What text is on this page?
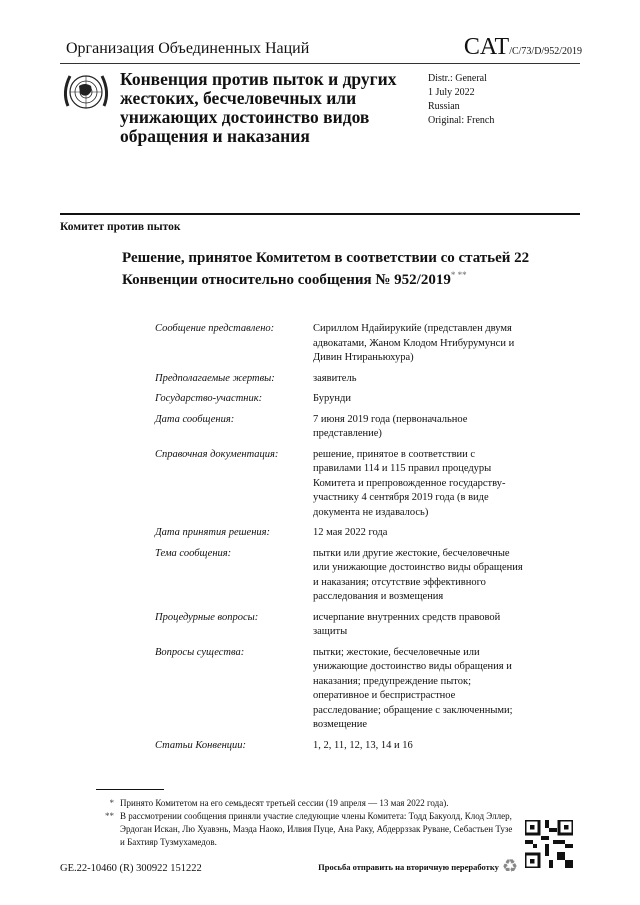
Организация Объединенных Наций	CAT/C/73/D/952/2019
Конвенция против пыток и других жестоких, бесчеловечных или унижающих достоинство видов обращения и наказания
Distr.: General
1 July 2022
Russian
Original: French
Комитет против пыток
Решение, принятое Комитетом в соответствии со статьей 22 Конвенции относительно сообщения № 952/2019* **
Сообщение представлено:	Сириллом Ндайирукийе (представлен двумя адвокатами, Жаном Клодом Нтибурумунси и Дивин Нтираньюхура)
Предполагаемые жертвы:	заявитель
Государство-участник:	Бурунди
Дата сообщения:	7 июня 2019 года (первоначальное представление)
Справочная документация:	решение, принятое в соответствии с правилами 114 и 115 правил процедуры Комитета и препровожденное государству-участнику 4 сентября 2019 года (в виде документа не издавалось)
Дата принятия решения:	12 мая 2022 года
Тема сообщения:	пытки или другие жестокие, бесчеловечные или унижающие достоинство виды обращения и наказания; отсутствие эффективного расследования и возмещения
Процедурные вопросы:	исчерпание внутренних средств правовой защиты
Вопросы существа:	пытки; жестокие, бесчеловечные или унижающие достоинство виды обращения и наказания; предупреждение пыток; оперативное и беспристрастное расследование; обращение с заключенными; возмещение
Статьи Конвенции:	1, 2, 11, 12, 13, 14 и 16
* Принято Комитетом на его семьдесят третьей сессии (19 апреля — 13 мая 2022 года).
** В рассмотрении сообщения приняли участие следующие члены Комитета: Тодд Бакуолд, Клод Эллер, Эрдоган Искан, Лю Хуавэнь, Маэда Наоко, Илвия Пуце, Ана Раку, Абдеррззак Руване, Себастьен Тузе и Бахтияр Тузмухамедов.
GE.22-10460 (R) 300922 151222	Просьба отправить на вторичную переработку ♻
